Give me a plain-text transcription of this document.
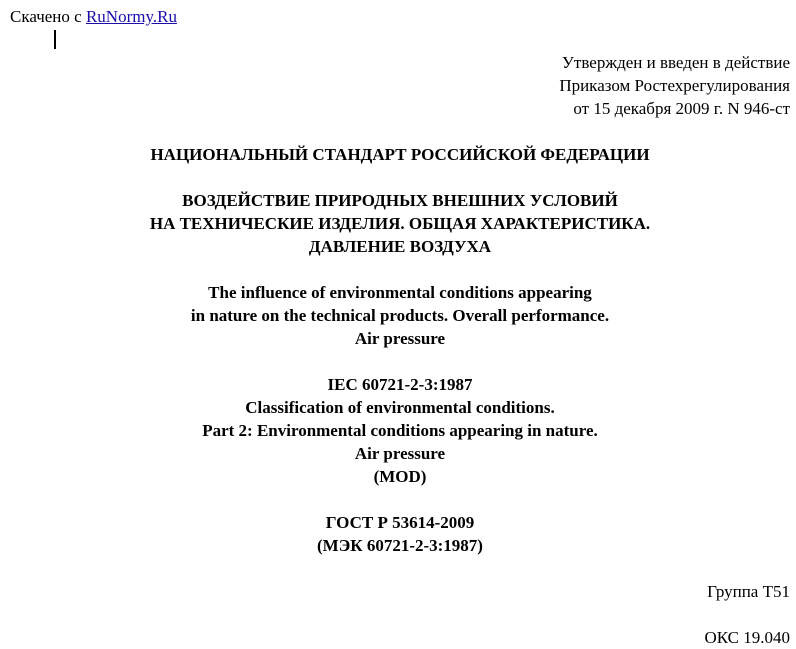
Скачено с RuNormy.Ru
Утвержден и введен в действие
Приказом Ростехрегулирования
от 15 декабря 2009 г. N 946-ст
НАЦИОНАЛЬНЫЙ СТАНДАРТ РОССИЙСКОЙ ФЕДЕРАЦИИ
ВОЗДЕЙСТВИЕ ПРИРОДНЫХ ВНЕШНИХ УСЛОВИЙ
НА ТЕХНИЧЕСКИЕ ИЗДЕЛИЯ. ОБЩАЯ ХАРАКТЕРИСТИКА.
ДАВЛЕНИЕ ВОЗДУХА
The influence of environmental conditions appearing
in nature on the technical products. Overall performance.
Air pressure
IEC 60721-2-3:1987
Classification of environmental conditions.
Part 2: Environmental conditions appearing in nature.
Air pressure
(MOD)
ГОСТ Р 53614-2009
(МЭК 60721-2-3:1987)
Группа Т51
ОКС 19.040
